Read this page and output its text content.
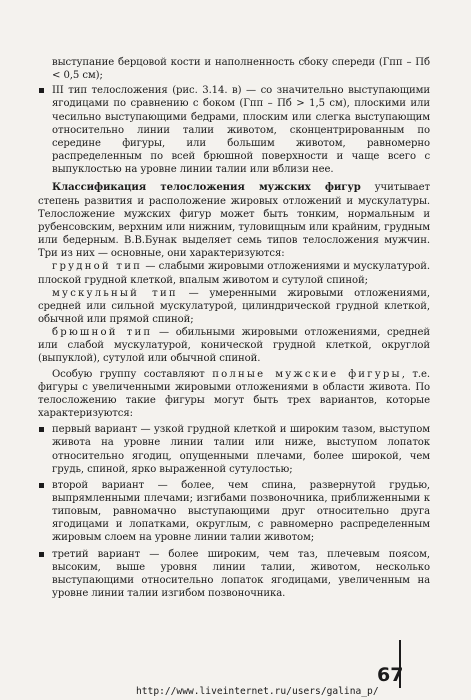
выступание берцовой кости и наполненность сбоку спереди (Гпп – Пб < 0,5 см);

III тип телосложения (рис. 3.14. в) — со значительно выступающими ягодицами по сравнению с боком (Гпп – Пб > 1,5 см), плоскими или чесильно выступающими бедрами, плоским или слегка выступающим относительно линии талии животом, сконцентрированным по середине фигуры, или большим животом, равномерно распределенным по всей брюшной поверхности и чаще всего с выпуклостью на уровне линии талии или вблизи нее.

Классификация телосложения мужских фигур учитывает степень развития и расположение жировых отложений и мускулатуры. Телосложение мужских фигур может быть тонким, нормальным и рубенсовским, верхним или нижним, туловищным или крайним, грудным или бедерным. В.В.Бунак выделяет семь типов телосложения мужчин. Три из них — основные, они характеризуются:

грудной тип — слабыми жировыми отложениями и мускулатурой. плоской грудной клеткой, впалым животом и сутулой спиной;

мускульный тип — умеренными жировыми отложениями, средней или сильной мускулатурой, цилиндрической грудной клеткой, обычной или прямой спиной;

брюшной тип — обильными жировыми отложениями, средней или слабой мускулатурой, конической грудной клеткой, округлой (выпуклой), сутулой или обычной спиной.

Особую группу составляют полные мужские фигуры, т.е. фигуры с увеличенными жировыми отложениями в области живота. По телосложению такие фигуры могут быть трех вариантов, которые характеризуются:

первый вариант — узкой грудной клеткой и широким тазом, выступом живота на уровне линии талии или ниже, выступом лопаток относительно ягодиц, опущенными плечами, более широкой, чем грудь, спиной, ярко выраженной сутулостью;
второй вариант — более, чем спина, развернутой грудью, выпрямленными плечами; изгибами позвоночника, приближенными к типовым, равномачно выступающими друг относительно друга ягодицами и лопатками, округлым, с равномерно распределенным жировым слоем на уровне линии талии животом;
третий вариант — более широким, чем таз, плечевым поясом, высоким, выше уровня линии талии, животом, несколько выступающими относительно лопаток ягодицами, увеличенным на уровне линии талии изгибом позвоночника.
67
http://www.liveinternet.ru/users/galina_p/
